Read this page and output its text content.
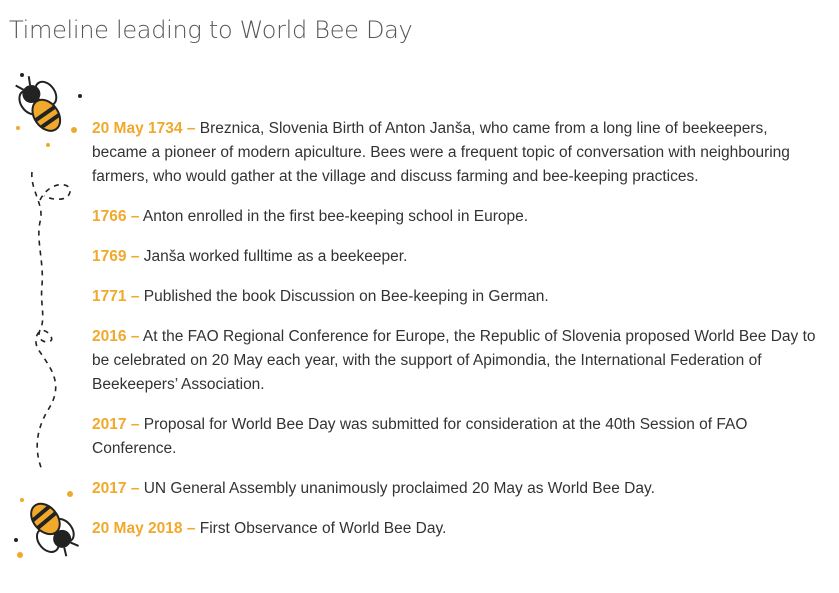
Timeline leading to World Bee Day

20 May 1734 – Breznica, Slovenia Birth of Anton Janša, who came from a long line of beekeepers, became a pioneer of modern apiculture. Bees were a frequent topic of conversation with neighbouring farmers, who would gather at the village and discuss farming and bee-keeping practices.

1766 – Anton enrolled in the first bee-keeping school in Europe.

1769 – Janša worked fulltime as a beekeeper.

1771 – Published the book Discussion on Bee-keeping in German.

2016 – At the FAO Regional Conference for Europe, the Republic of Slovenia proposed World Bee Day to be celebrated on 20 May each year, with the support of Apimondia, the International Federation of Beekeepers’ Association.

2017 – Proposal for World Bee Day was submitted for consideration at the 40th Session of FAO Conference.

2017 – UN General Assembly unanimously proclaimed 20 May as World Bee Day.

20 May 2018 – First Observance of World Bee Day.
